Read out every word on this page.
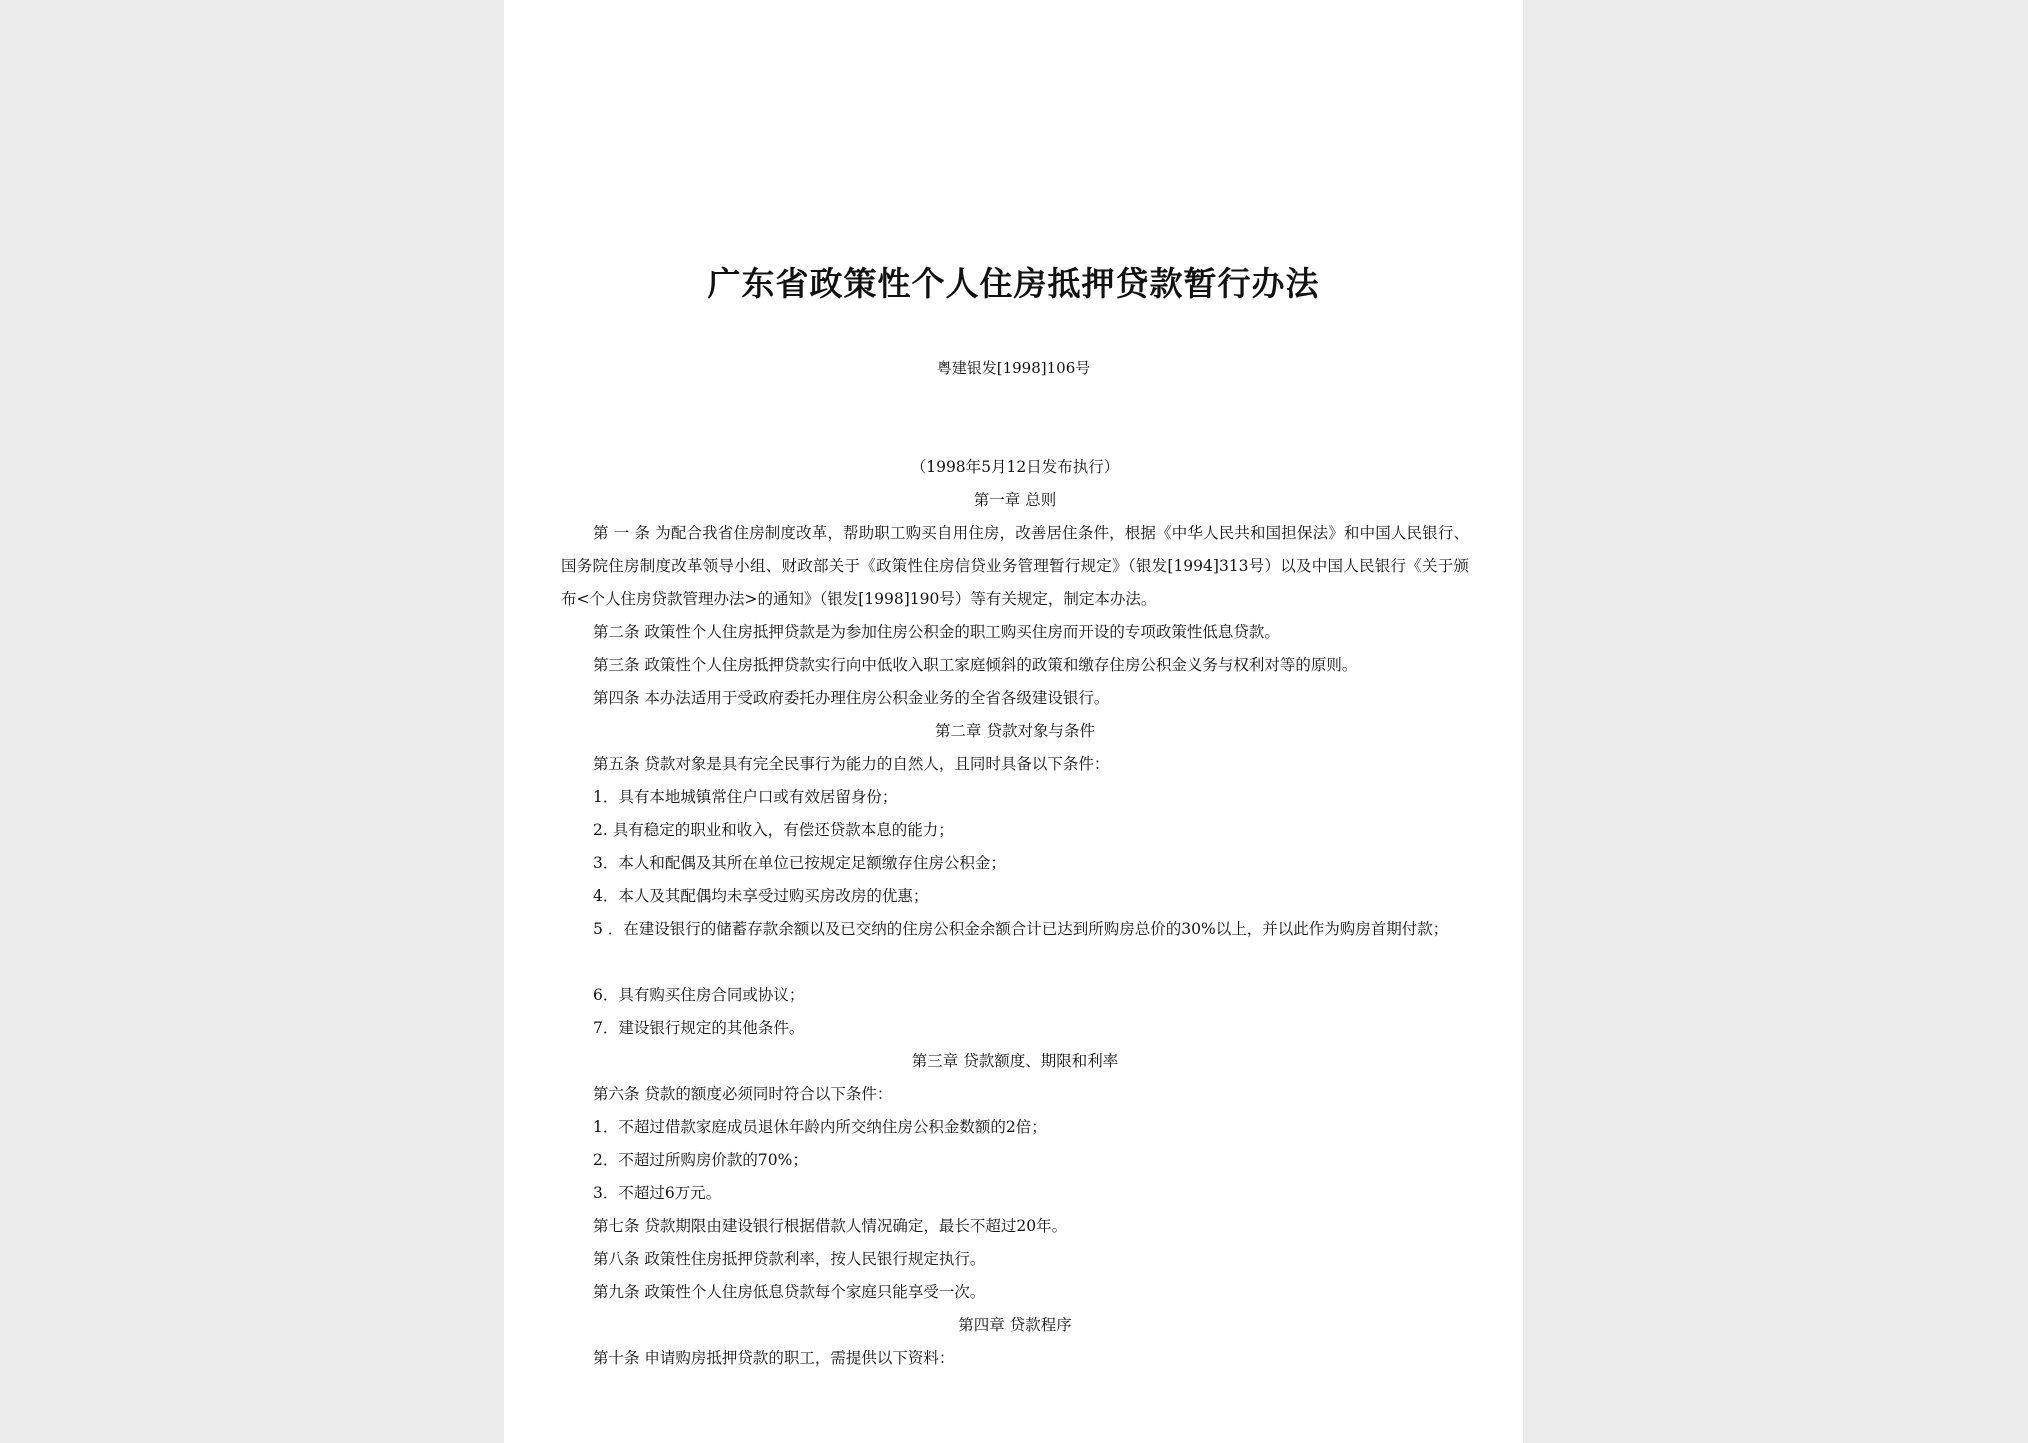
广东省政策性个人住房抵押贷款暂行办法
粤建银发[1998]106号
（1998年5月12日发布执行）
第一章 总则
第 一 条 为配合我省住房制度改革，帮助职工购买自用住房，改善居住条件，根据《中华人民共和国担保法》和中国人民银行、国务院住房制度改革领导小组、财政部关于《政策性住房信贷业务管理暂行规定》（银发[1994]313号）以及中国人民银行《关于颁布<个人住房贷款管理办法>的通知》（银发[1998]190号）等有关规定，制定本办法。
第二条 政策性个人住房抵押贷款是为参加住房公积金的职工购买住房而开设的专项政策性低息贷款。
第三条 政策性个人住房抵押贷款实行向中低收入职工家庭倾斜的政策和缴存住房公积金义务与权利对等的原则。
第四条 本办法适用于受政府委托办理住房公积金业务的全省各级建设银行。
第二章 贷款对象与条件
第五条 贷款对象是具有完全民事行为能力的自然人，且同时具备以下条件：
1．具有本地城镇常住户口或有效居留身份；
2. 具有稳定的职业和收入，有偿还贷款本息的能力；
3．本人和配偶及其所在单位已按规定足额缴存住房公积金；
4．本人及其配偶均未享受过购买房改房的优惠；
5 ．在建设银行的储蓄存款余额以及已交纳的住房公积金余额合计已达到所购房总价的30%以上，并以此作为购房首期付款；
6．具有购买住房合同或协议；
7．建设银行规定的其他条件。
第三章 贷款额度、期限和利率
第六条 贷款的额度必须同时符合以下条件：
1．不超过借款家庭成员退休年龄内所交纳住房公积金数额的2倍；
2．不超过所购房价款的70%；
3．不超过6万元。
第七条 贷款期限由建设银行根据借款人情况确定，最长不超过20年。
第八条 政策性住房抵押贷款利率，按人民银行规定执行。
第九条 政策性个人住房低息贷款每个家庭只能享受一次。
第四章 贷款程序
第十条 申请购房抵押贷款的职工，需提供以下资料：
